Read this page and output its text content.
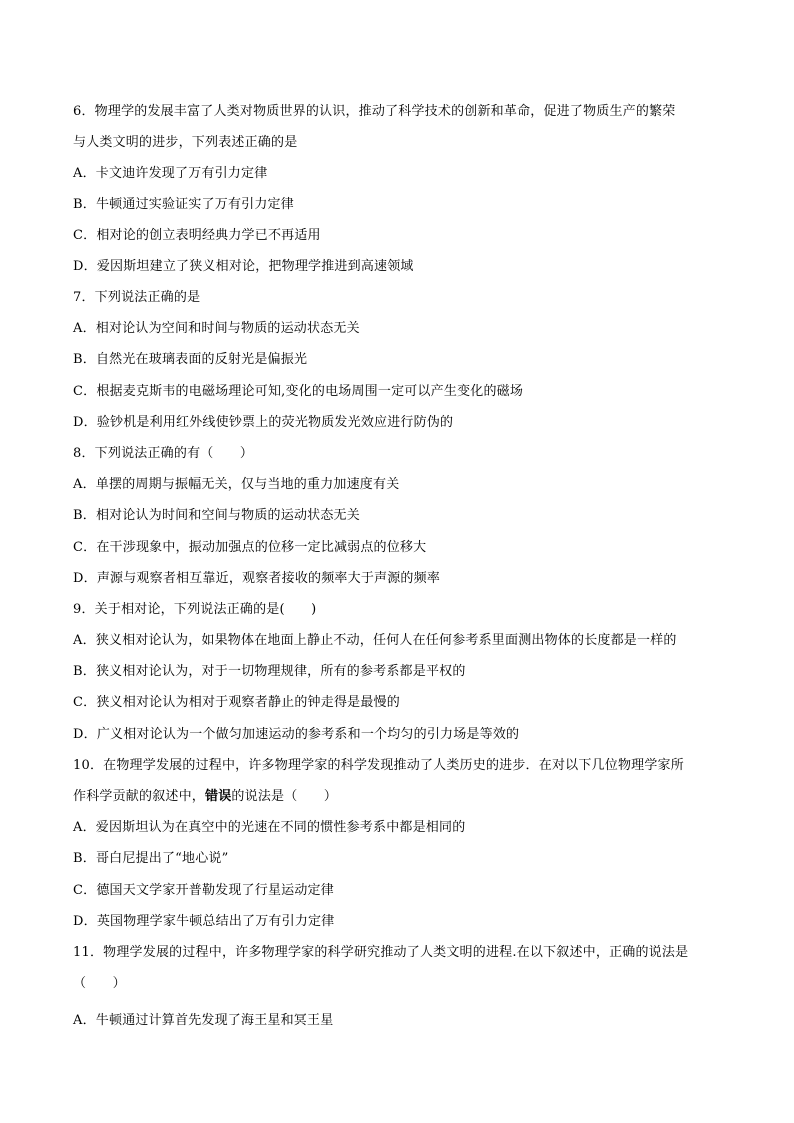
6．物理学的发展丰富了人类对物质世界的认识，推动了科学技术的创新和革命，促进了物质生产的繁荣
与人类文明的进步，下列表述正确的是
A．卡文迪许发现了万有引力定律
B．牛顿通过实验证实了万有引力定律
C．相对论的创立表明经典力学已不再适用
D．爱因斯坦建立了狭义相对论，把物理学推进到高速领域
7．下列说法正确的是
A．相对论认为空间和时间与物质的运动状态无关
B．自然光在玻璃表面的反射光是偏振光
C．根据麦克斯韦的电磁场理论可知,变化的电场周围一定可以产生变化的磁场
D．验钞机是利用红外线使钞票上的荧光物质发光效应进行防伪的
8．下列说法正确的有（　　）
A．单摆的周期与振幅无关，仅与当地的重力加速度有关
B．相对论认为时间和空间与物质的运动状态无关
C．在干涉现象中，振动加强点的位移一定比减弱点的位移大
D．声源与观察者相互靠近，观察者接收的频率大于声源的频率
9．关于相对论，下列说法正确的是(　　)
A．狭义相对论认为，如果物体在地面上静止不动，任何人在任何参考系里面测出物体的长度都是一样的
B．狭义相对论认为，对于一切物理规律，所有的参考系都是平权的
C．狭义相对论认为相对于观察者静止的钟走得是最慢的
D．广义相对论认为一个做匀加速运动的参考系和一个均匀的引力场是等效的
10．在物理学发展的过程中，许多物理学家的科学发现推动了人类历史的进步．在对以下几位物理学家所
作科学贡献的叙述中，错误的说法是（　　）
A．爱因斯坦认为在真空中的光速在不同的惯性参考系中都是相同的
B．哥白尼提出了“地心说”
C．德国天文学家开普勒发现了行星运动定律
D．英国物理学家牛顿总结出了万有引力定律
11．物理学发展的过程中，许多物理学家的科学研究推动了人类文明的进程.在以下叙述中，正确的说法是
（　　）
A．牛顿通过计算首先发现了海王星和冥王星
